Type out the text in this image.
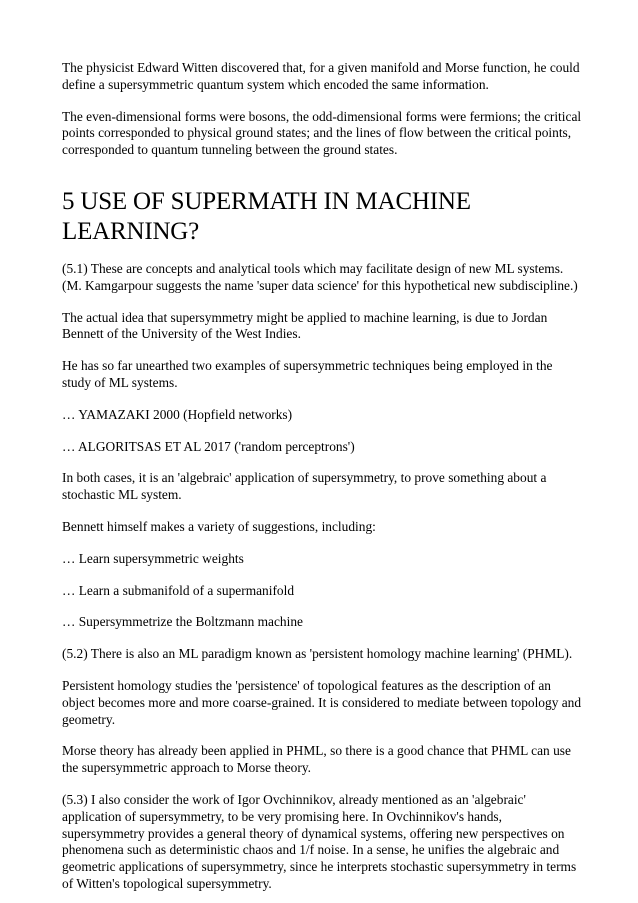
The physicist Edward Witten discovered that, for a given manifold and Morse function, he could define a supersymmetric quantum system which encoded the same information.

The even-dimensional forms were bosons, the odd-dimensional forms were fermions; the critical points corresponded to physical ground states; and the lines of flow between the critical points, corresponded to quantum tunneling between the ground states.

5 USE OF SUPERMATH IN MACHINE LEARNING?

(5.1) These are concepts and analytical tools which may facilitate design of new ML systems. (M. Kamgarpour suggests the name 'super data science' for this hypothetical new subdiscipline.)

The actual idea that supersymmetry might be applied to machine learning, is due to Jordan Bennett of the University of the West Indies.

He has so far unearthed two examples of supersymmetric techniques being employed in the study of ML systems.

… YAMAZAKI 2000 (Hopfield networks)

… ALGORITSAS ET AL 2017 ('random perceptrons')

In both cases, it is an 'algebraic' application of supersymmetry, to prove something about a stochastic ML system.

Bennett himself makes a variety of suggestions, including:

… Learn supersymmetric weights

… Learn a submanifold of a supermanifold

… Supersymmetrize the Boltzmann machine

(5.2) There is also an ML paradigm known as 'persistent homology machine learning' (PHML).

Persistent homology studies the 'persistence' of topological features as the description of an object becomes more and more coarse-grained. It is considered to mediate between topology and geometry.

Morse theory has already been applied in PHML, so there is a good chance that PHML can use the supersymmetric approach to Morse theory.

(5.3) I also consider the work of Igor Ovchinnikov, already mentioned as an 'algebraic' application of supersymmetry, to be very promising here. In Ovchinnikov's hands, supersymmetry provides a general theory of dynamical systems, offering new perspectives on phenomena such as deterministic chaos and 1/f noise. In a sense, he unifies the algebraic and geometric applications of supersymmetry, since he interprets stochastic supersymmetry in terms of Witten's topological supersymmetry.
